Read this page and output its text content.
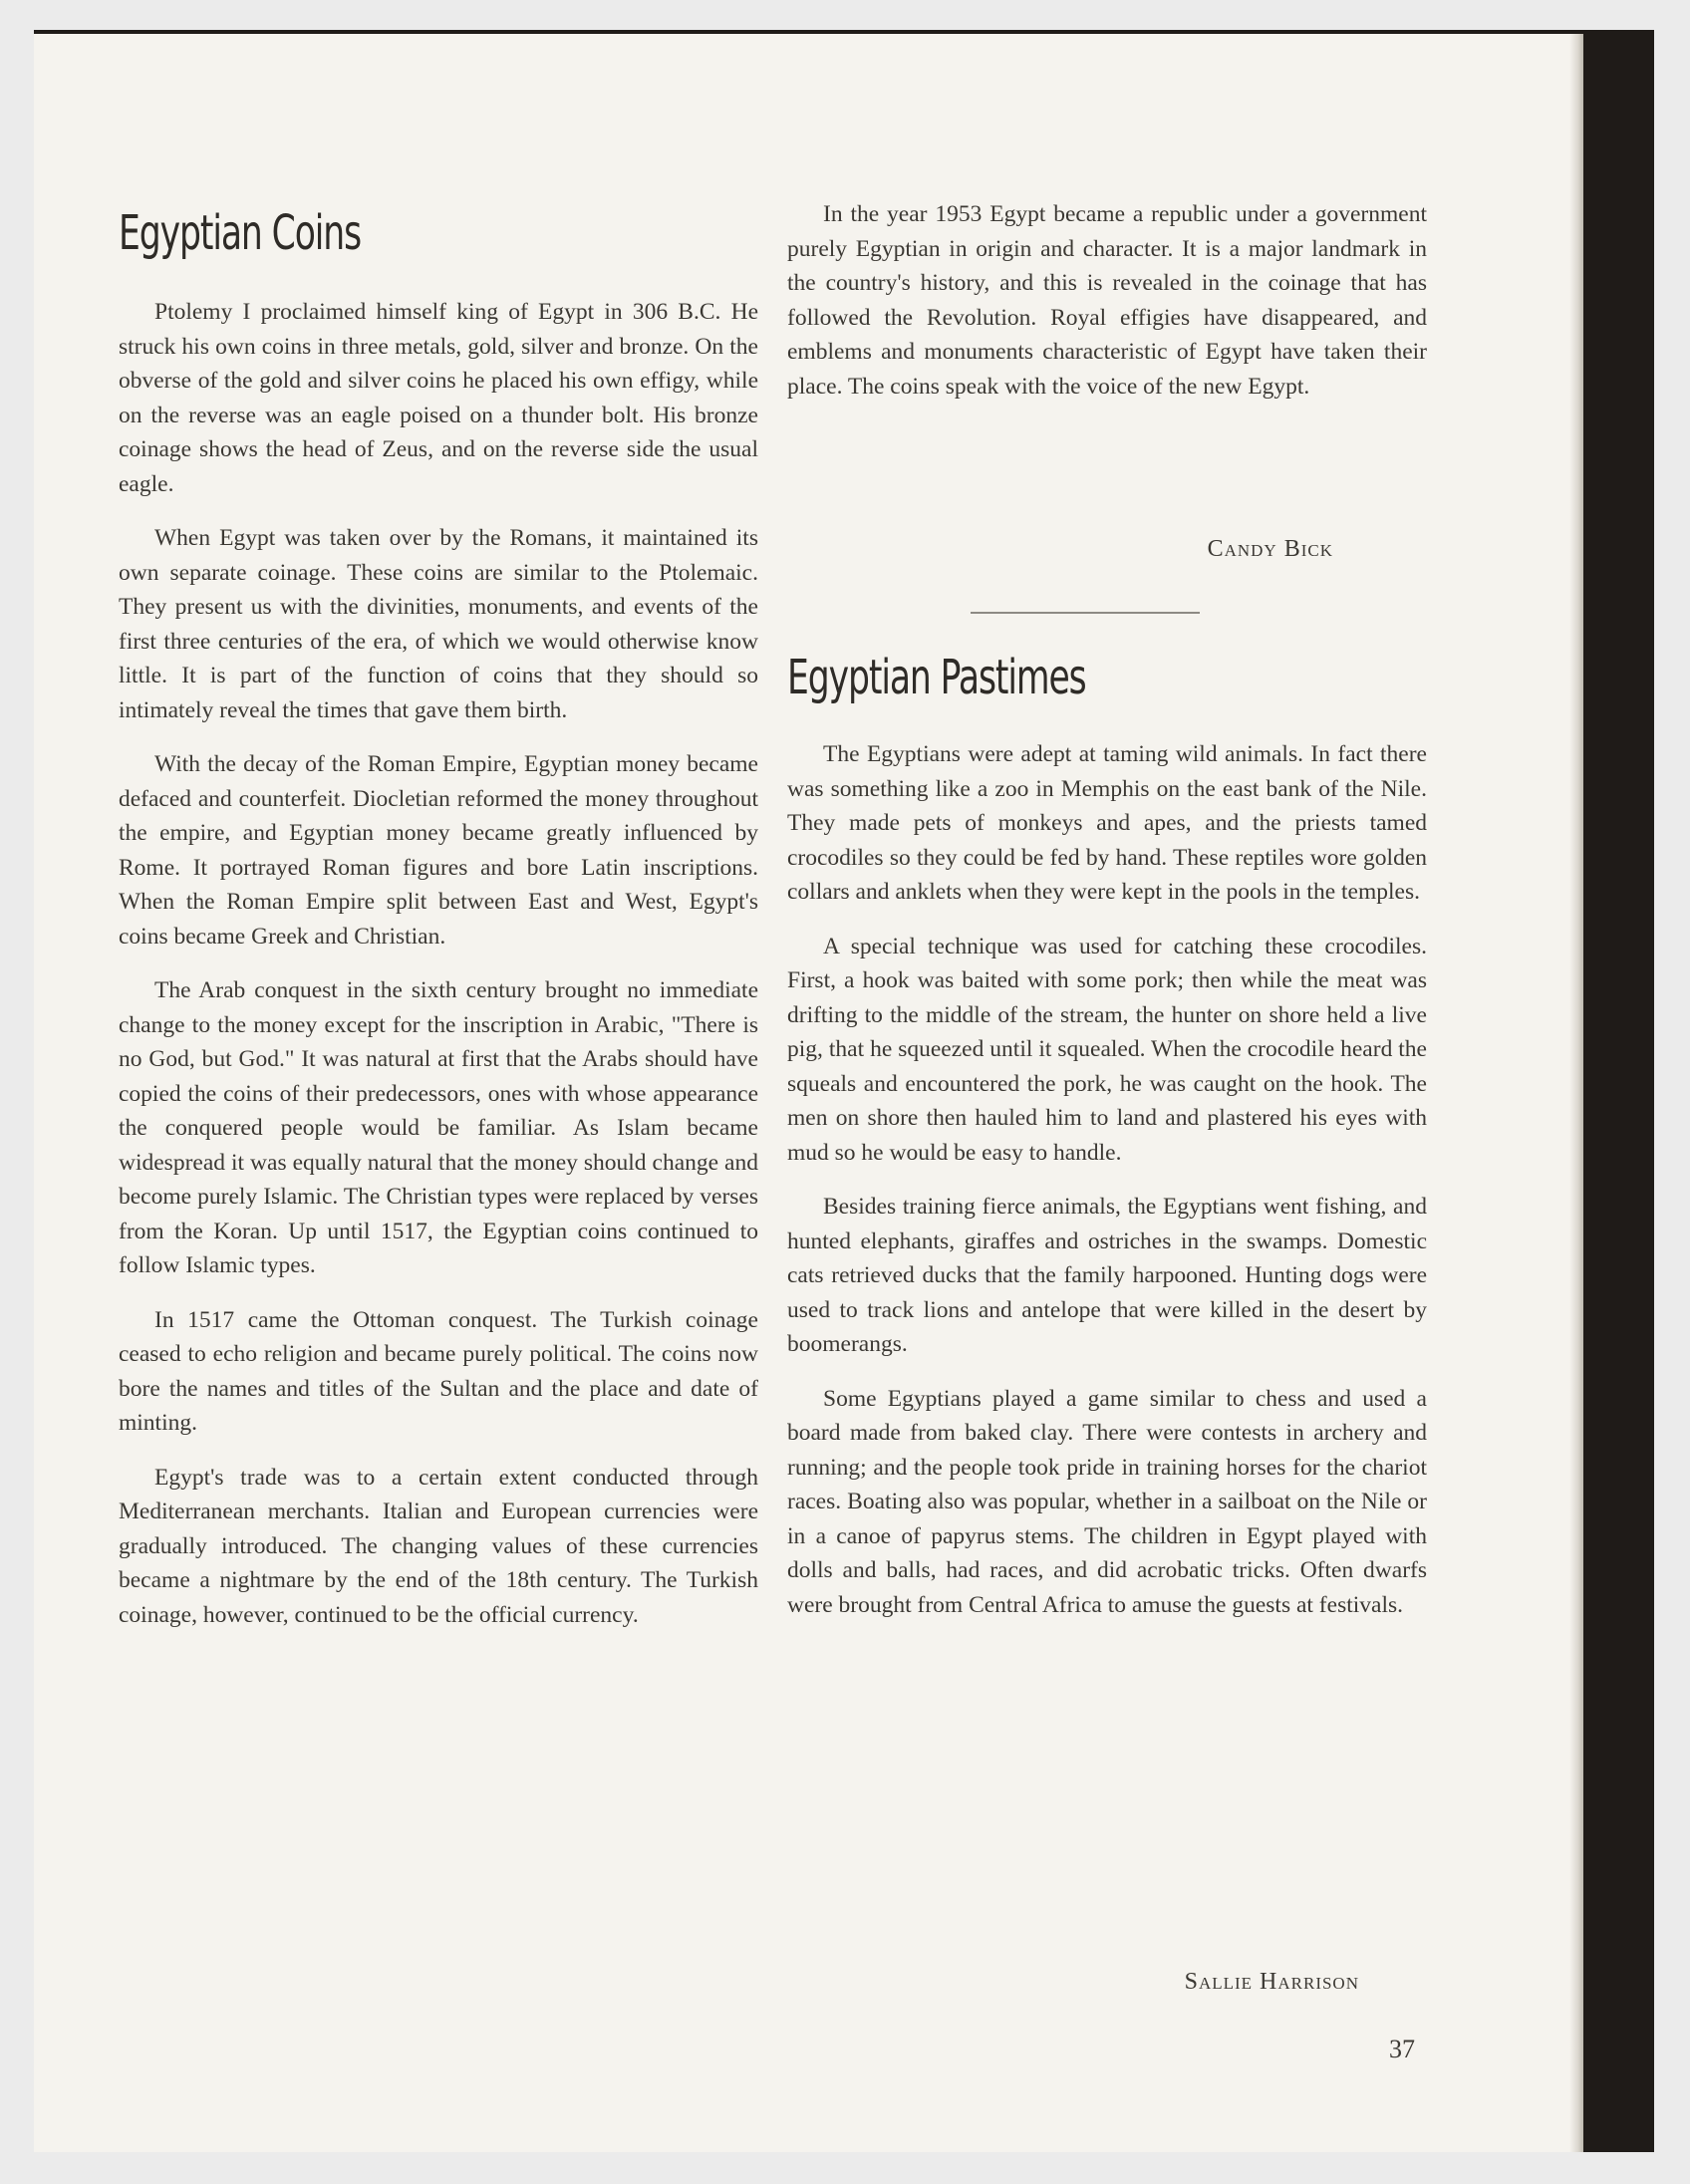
Egyptian Coins

Ptolemy I proclaimed himself king of Egypt in 306 B.C. He struck his own coins in three metals, gold, silver and bronze. On the obverse of the gold and silver coins he placed his own effigy, while on the reverse was an eagle poised on a thunder bolt. His bronze coinage shows the head of Zeus, and on the reverse side the usual eagle.

When Egypt was taken over by the Romans, it maintained its own separate coinage. These coins are similar to the Ptolemaic. They present us with the divinities, monuments, and events of the first three centuries of the era, of which we would otherwise know little. It is part of the function of coins that they should so intimately reveal the times that gave them birth.

With the decay of the Roman Empire, Egyptian money became defaced and counterfeit. Diocletian reformed the money throughout the empire, and Egyptian money became greatly influenced by Rome. It portrayed Roman figures and bore Latin inscriptions. When the Roman Empire split between East and West, Egypt's coins became Greek and Christian.

The Arab conquest in the sixth century brought no immediate change to the money except for the inscription in Arabic, "There is no God, but God." It was natural at first that the Arabs should have copied the coins of their predecessors, ones with whose appearance the conquered people would be familiar. As Islam became widespread it was equally natural that the money should change and become purely Islamic. The Christian types were replaced by verses from the Koran. Up until 1517, the Egyptian coins continued to follow Islamic types.

In 1517 came the Ottoman conquest. The Turkish coinage ceased to echo religion and became purely political. The coins now bore the names and titles of the Sultan and the place and date of minting.

Egypt's trade was to a certain extent conducted through Mediterranean merchants. Italian and European currencies were gradually introduced. The changing values of these currencies became a nightmare by the end of the 18th century. The Turkish coinage, however, continued to be the official currency.

In the year 1953 Egypt became a republic under a government purely Egyptian in origin and character. It is a major landmark in the country's history, and this is revealed in the coinage that has followed the Revolution. Royal effigies have disappeared, and emblems and monuments characteristic of Egypt have taken their place. The coins speak with the voice of the new Egypt.

Candy Bick

Egyptian Pastimes

The Egyptians were adept at taming wild animals. In fact there was something like a zoo in Memphis on the east bank of the Nile. They made pets of monkeys and apes, and the priests tamed crocodiles so they could be fed by hand. These reptiles wore golden collars and anklets when they were kept in the pools in the temples.

A special technique was used for catching these crocodiles. First, a hook was baited with some pork; then while the meat was drifting to the middle of the stream, the hunter on shore held a live pig, that he squeezed until it squealed. When the crocodile heard the squeals and encountered the pork, he was caught on the hook. The men on shore then hauled him to land and plastered his eyes with mud so he would be easy to handle.

Besides training fierce animals, the Egyptians went fishing, and hunted elephants, giraffes and ostriches in the swamps. Domestic cats retrieved ducks that the family harpooned. Hunting dogs were used to track lions and antelope that were killed in the desert by boomerangs.

Some Egyptians played a game similar to chess and used a board made from baked clay. There were contests in archery and running; and the people took pride in training horses for the chariot races. Boating also was popular, whether in a sailboat on the Nile or in a canoe of papyrus stems. The children in Egypt played with dolls and balls, had races, and did acrobatic tricks. Often dwarfs were brought from Central Africa to amuse the guests at festivals.

Sallie Harrison

37
